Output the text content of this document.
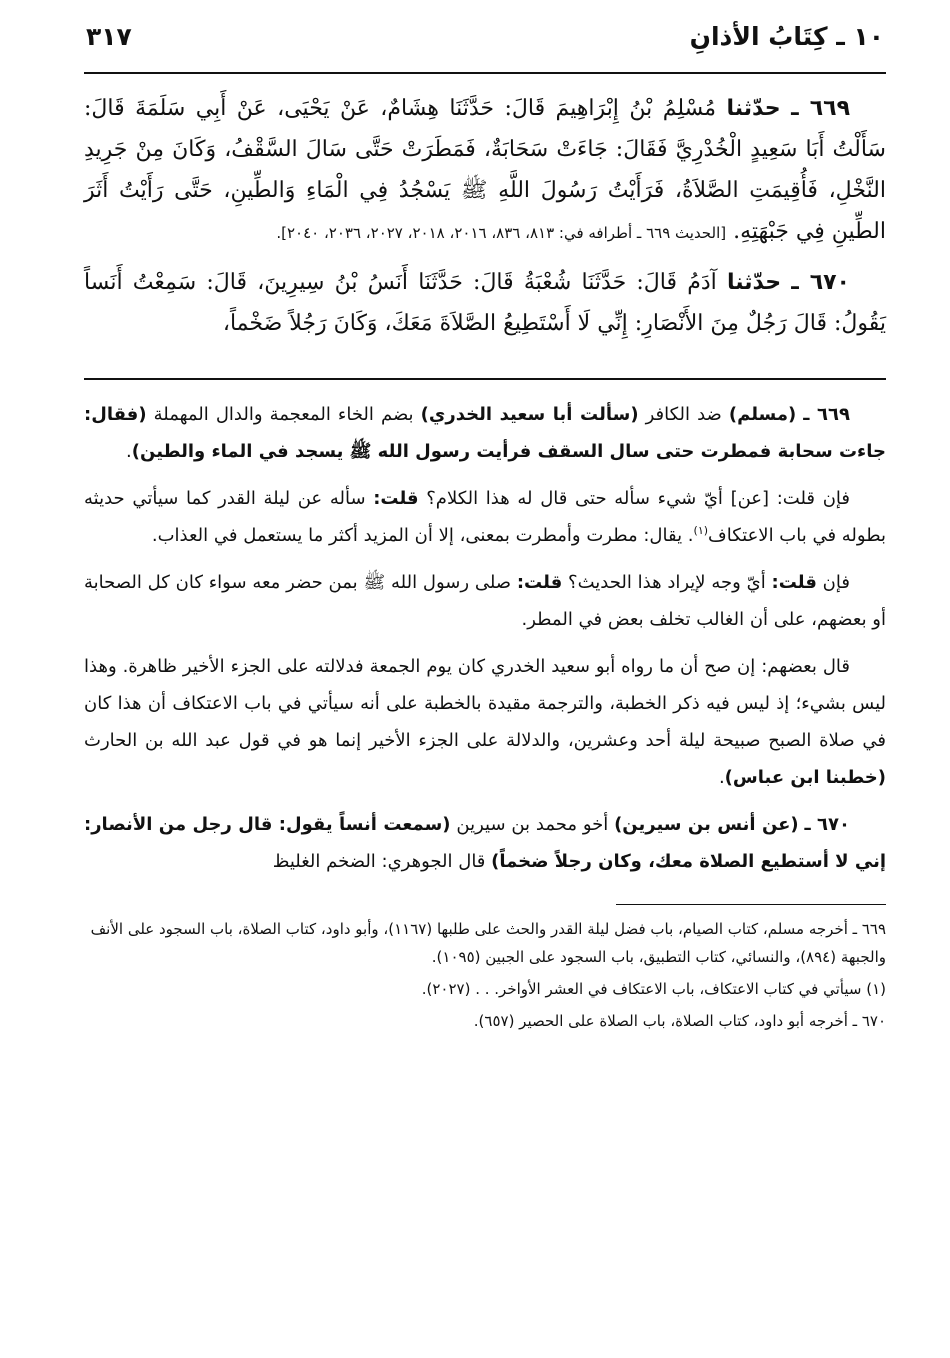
١٠ ـ كِتَابُ الأذانِ
٣١٧

٦٦٩ ـ حدّثنا مُسْلِمُ بْنُ إِبْرَاهِيمَ قَالَ: حَدَّثَنَا هِشَامٌ، عَنْ يَحْيَى، عَنْ أَبِي سَلَمَةَ قَالَ: سَأَلْتُ أَبَا سَعِيدٍ الْخُدْرِيَّ فَقَالَ: جَاءَتْ سَحَابَةٌ، فَمَطَرَتْ حَتَّى سَالَ السَّقْفُ، وَكَانَ مِنْ جَرِيدِ النَّخْلِ، فَأُقِيمَتِ الصَّلاَةُ، فَرَأَيْتُ رَسُولَ اللَّهِ ﷺ يَسْجُدُ فِي الْمَاءِ وَالطِّينِ، حَتَّى رَأَيْتُ أَثَرَ الطِّينِ فِي جَبْهَتِهِ. [الحديث ٦٦٩ ـ أطرافه في: ٨١٣، ٨٣٦، ٢٠١٦، ٢٠١٨، ٢٠٢٧، ٢٠٣٦، ٢٠٤٠].

٦٧٠ ـ حدّثنا آدَمُ قَالَ: حَدَّثَنَا شُعْبَةُ قَالَ: حَدَّثَنَا أَنَسُ بْنُ سِيرِينَ، قَالَ: سَمِعْتُ أَنَساً يَقُولُ: قَالَ رَجُلٌ مِنَ الأَنْصَارِ: إِنِّي لَا أَسْتَطِيعُ الصَّلاَةَ مَعَكَ، وَكَانَ رَجُلاً ضَخْماً،

٦٦٩ ـ (مسلم) ضد الكافر (سألت أبا سعيد الخدري) بضم الخاء المعجمة والدال المهملة (فقال: جاءت سحابة فمطرت حتى سال السقف فرأيت رسول الله ﷺ يسجد في الماء والطين).

فإن قلت: [عن] أيّ شيء سأله حتى قال له هذا الكلام؟ قلت: سأله عن ليلة القدر كما سيأتي حديثه بطوله في باب الاعتكاف$^{(١)}$. يقال: مطرت وأمطرت بمعنى، إلا أن المزيد أكثر ما يستعمل في العذاب.

فإن قلت: أيّ وجه لإيراد هذا الحديث؟ قلت: صلى رسول الله ﷺ بمن حضر معه سواء كان كل الصحابة أو بعضهم، على أن الغالب تخلف بعض في المطر.

قال بعضهم: إن صح أن ما رواه أبو سعيد الخدري كان يوم الجمعة فدلالته على الجزء الأخير ظاهرة. وهذا ليس بشيء؛ إذ ليس فيه ذكر الخطبة، والترجمة مقيدة بالخطبة على أنه سيأتي في باب الاعتكاف أن هذا كان في صلاة الصبح صبيحة ليلة أحد وعشرين، والدلالة على الجزء الأخير إنما هو في قول عبد الله بن الحارث (خطبنا ابن عباس).

٦٧٠ ـ (عن أنس بن سيرين) أخو محمد بن سيرين (سمعت أنساً يقول: قال رجل من الأنصار: إني لا أستطيع الصلاة معك، وكان رجلاً ضخماً) قال الجوهري: الضخم الغليظ

٦٦٩ ـ أخرجه مسلم، كتاب الصيام، باب فضل ليلة القدر والحث على طلبها (١١٦٧)، وأبو داود، كتاب الصلاة، باب السجود على الأنف والجبهة (٨٩٤)، والنسائي، كتاب التطبيق، باب السجود على الجبين (١٠٩٥).

(١) سيأتي في كتاب الاعتكاف، باب الاعتكاف في العشر الأواخر. . . (٢٠٢٧).

٦٧٠ ـ أخرجه أبو داود، كتاب الصلاة، باب الصلاة على الحصير (٦٥٧).
